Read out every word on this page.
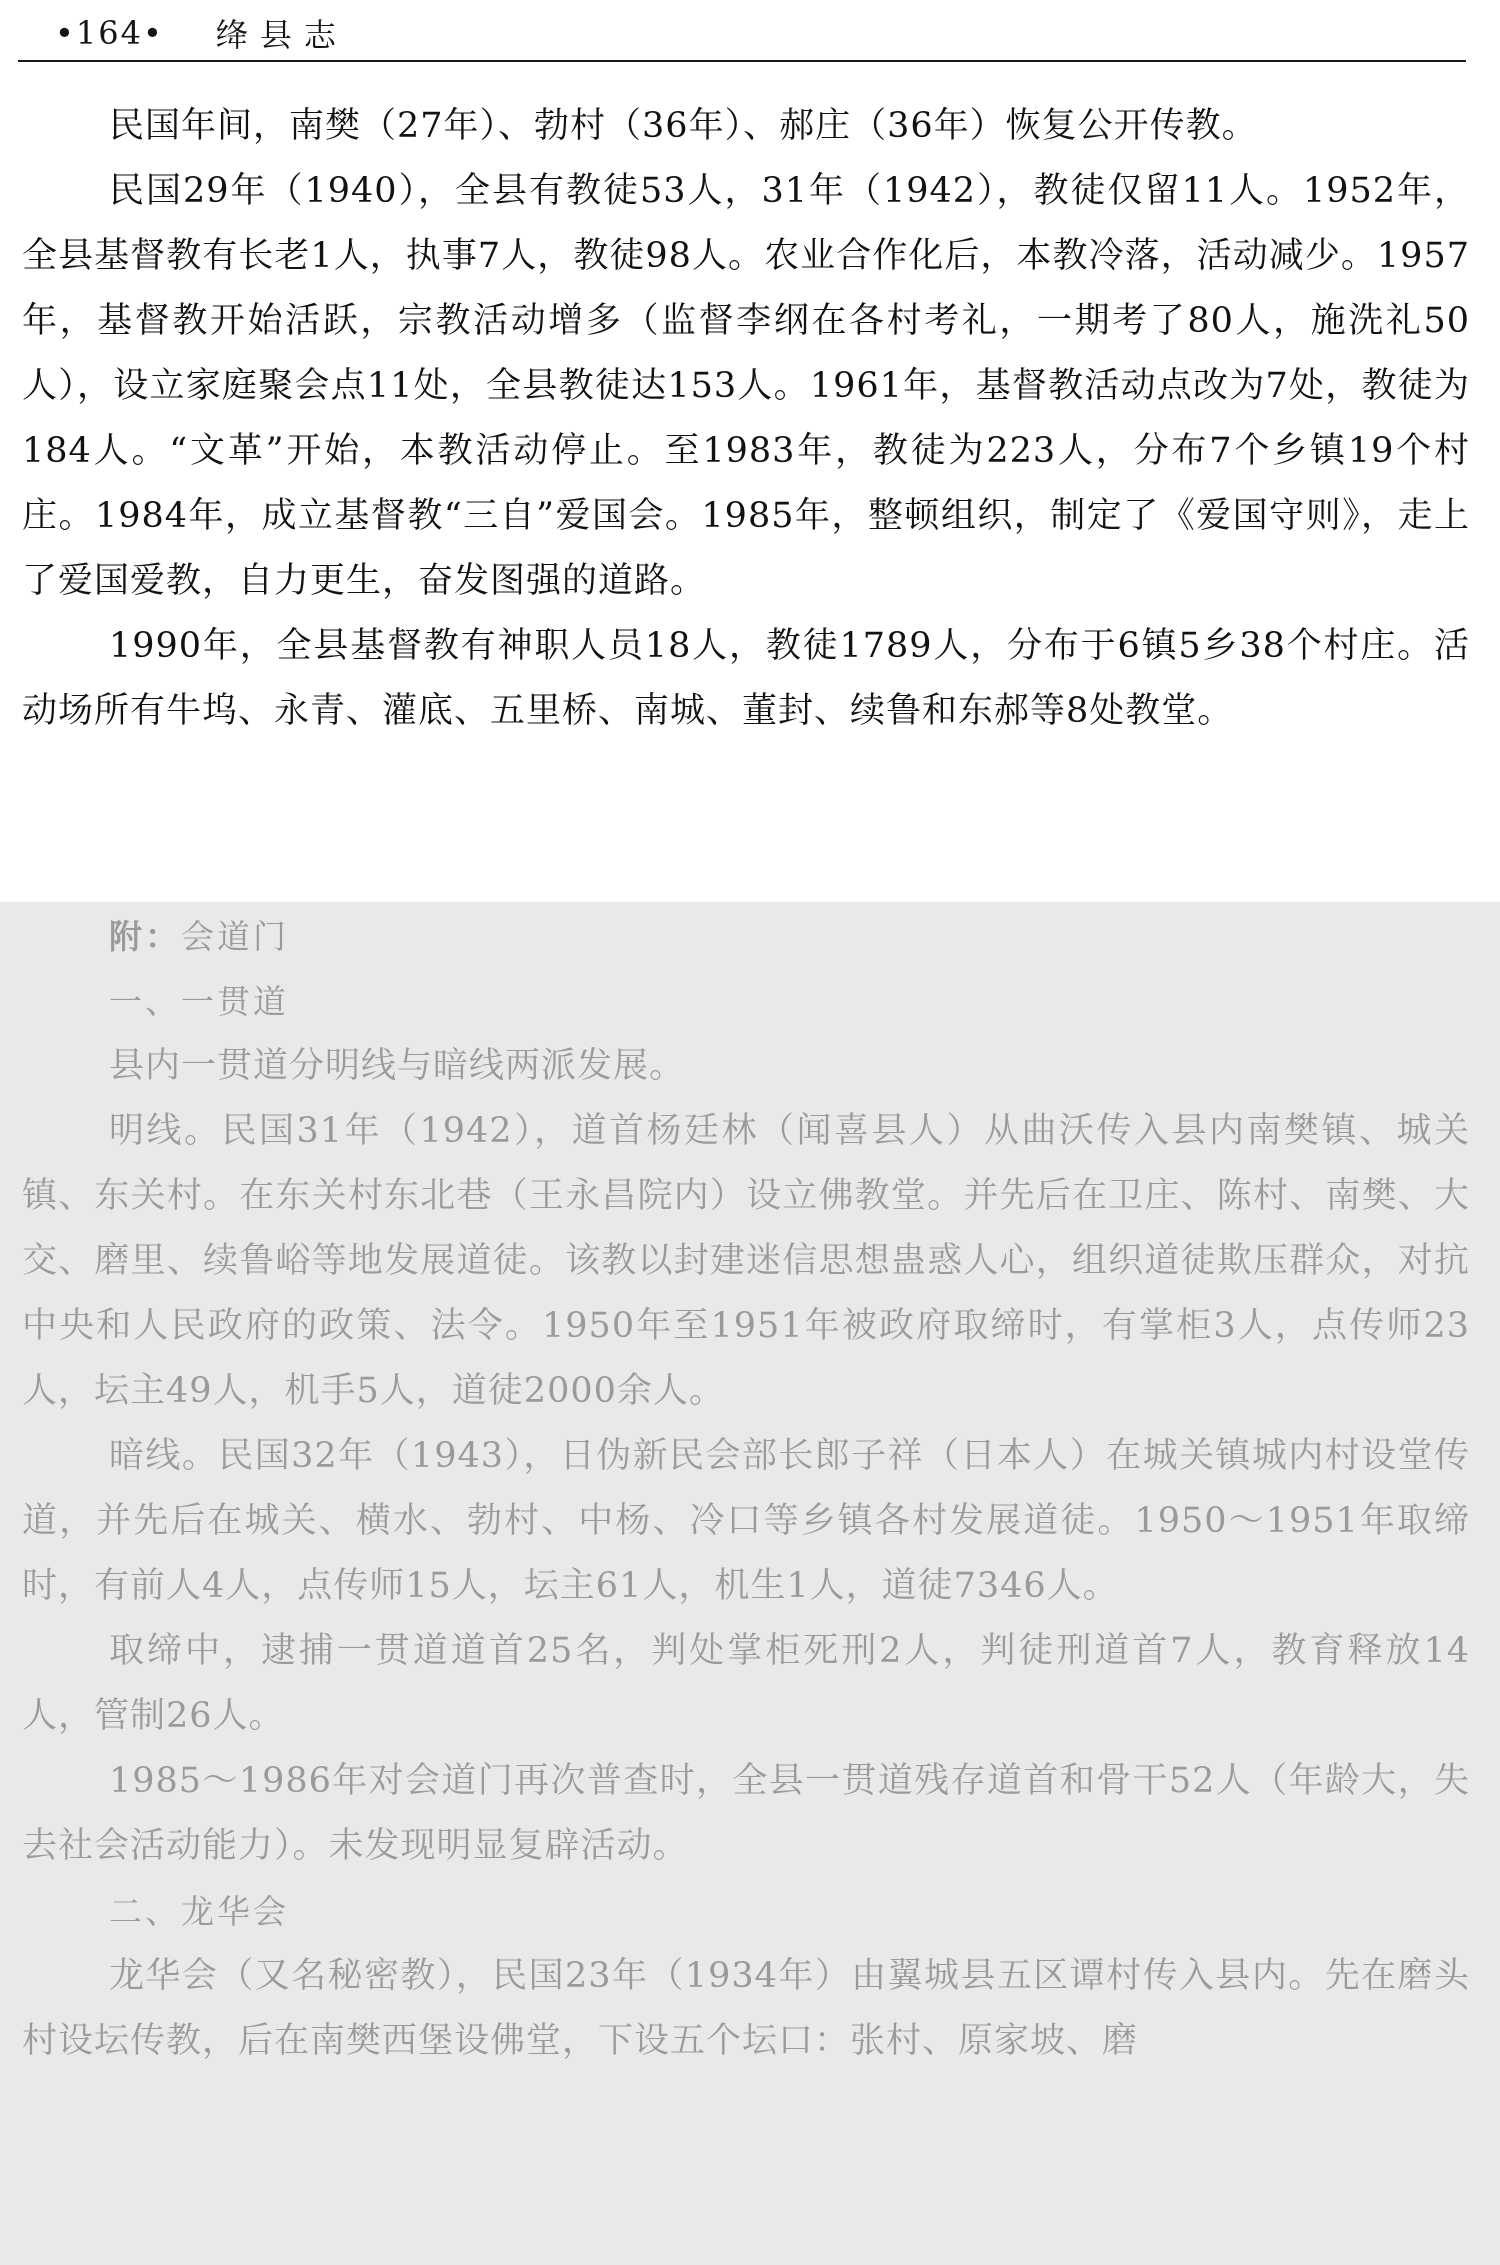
•164• 绛县志

民国年间，南樊（27年）、勃村（36年）、郝庄（36年）恢复公开传教。

民国29年（1940），全县有教徒53人，31年（1942），教徒仅留11人。1952年，全县基督教有长老1人，执事7人，教徒98人。农业合作化后，本教冷落，活动减少。1957年，基督教开始活跃，宗教活动增多（监督李纲在各村考礼，一期考了80人，施洗礼50人），设立家庭聚会点11处，全县教徒达153人。1961年，基督教活动点改为7处，教徒为184人。“文革”开始，本教活动停止。至1983年，教徒为223人，分布7个乡镇19个村庄。1984年，成立基督教“三自”爱国会。1985年，整顿组织，制定了《爱国守则》，走上了爱国爱教，自力更生，奋发图强的道路。

1990年，全县基督教有神职人员18人，教徒1789人，分布于6镇5乡38个村庄。活动场所有牛坞、永青、灌底、五里桥、南城、董封、续鲁和东郝等8处教堂。

附：会道门

一、一贯道

县内一贯道分明线与暗线两派发展。

明线。民国31年（1942），道首杨廷林（闻喜县人）从曲沃传入县内南樊镇、城关镇、东关村。在东关村东北巷（王永昌院内）设立佛教堂。并先后在卫庄、陈村、南樊、大交、磨里、续鲁峪等地发展道徒。该教以封建迷信思想蛊惑人心，组织道徒欺压群众，对抗中央和人民政府的政策、法令。1950年至1951年被政府取缔时，有掌柜3人，点传师23人，坛主49人，机手5人，道徒2000余人。

暗线。民国32年（1943），日伪新民会部长郎子祥（日本人）在城关镇城内村设堂传道，并先后在城关、横水、勃村、中杨、冷口等乡镇各村发展道徒。1950～1951年取缔时，有前人4人，点传师15人，坛主61人，机生1人，道徒7346人。

取缔中，逮捕一贯道道首25名，判处掌柜死刑2人，判徒刑道首7人，教育释放14人，管制26人。

1985～1986年对会道门再次普查时，全县一贯道残存道首和骨干52人（年龄大，失去社会活动能力）。未发现明显复辟活动。

二、龙华会

龙华会（又名秘密教），民国23年（1934年）由翼城县五区谭村传入县内。先在磨头村设坛传教，后在南樊西堡设佛堂，下设五个坛口：张村、原家坡、磨
